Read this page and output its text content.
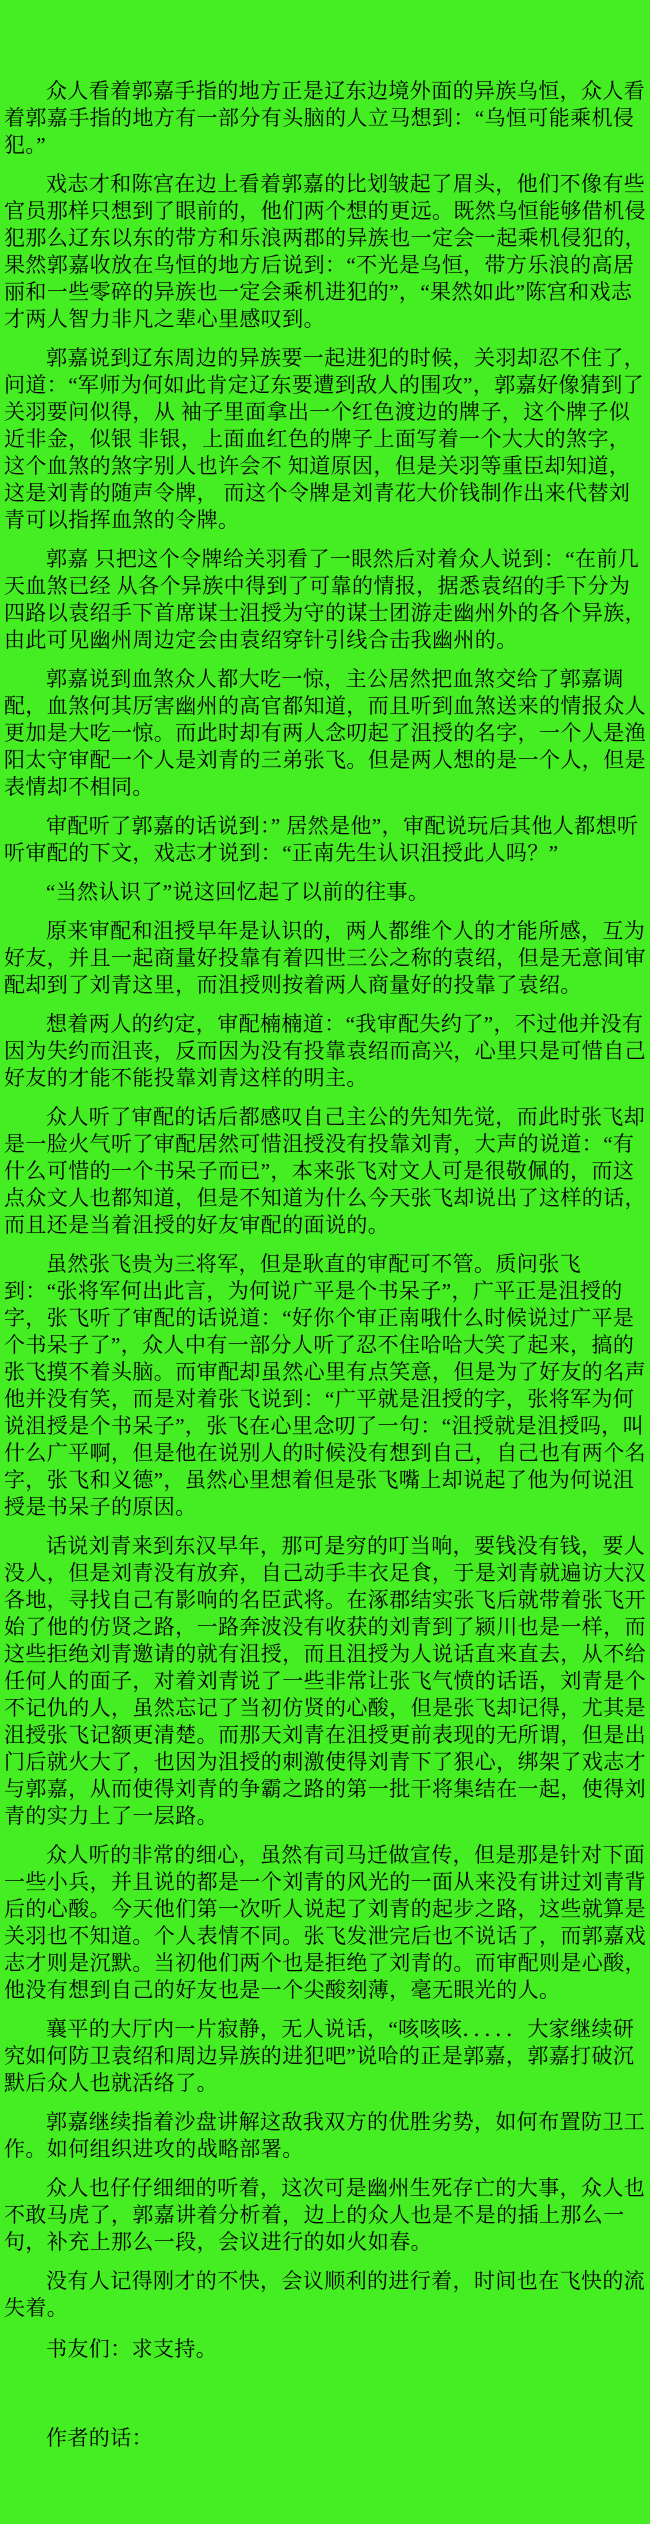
众人看着郭嘉手指的地方正是辽东边境外面的异族乌恒，众人看着郭嘉手指的地方有一部分有头脑的人立马想到：“乌恒可能乘机侵犯。”

戏志才和陈宫在边上看着郭嘉的比划皱起了眉头，他们不像有些官员那样只想到了眼前的，他们两个想的更远。既然乌恒能够借机侵犯那么辽东以东的带方和乐浪两郡的异族也一定会一起乘机侵犯的，果然郭嘉收放在乌恒的地方后说到：“不光是乌恒，带方乐浪的高居丽和一些零碎的异族也一定会乘机进犯的”，“果然如此”陈宫和戏志才两人智力非凡之辈心里感叹到。

郭嘉说到辽东周边的异族要一起进犯的时候，关羽却忍不住了，问道：“军师为何如此肯定辽东要遭到敌人的围攻”，郭嘉好像猜到了关羽要问似得，从 袖子里面拿出一个红色渡边的牌子，这个牌子似近非金，似银 非银，上面血红色的牌子上面写着一个大大的煞字，这个血煞的煞字别人也许会不 知道原因，但是关羽等重臣却知道，这是刘青的随声令牌， 而这个令牌是刘青花大价钱制作出来代替刘青可以指挥血煞的令牌。

郭嘉 只把这个令牌给关羽看了一眼然后对着众人说到：“在前几天血煞已经 从各个异族中得到了可靠的情报，据悉袁绍的手下分为四路以袁绍手下首席谋士沮授为守的谋士团游走幽州外的各个异族，由此可见幽州周边定会由袁绍穿针引线合击我幽州的。

郭嘉说到血煞众人都大吃一惊，主公居然把血煞交给了郭嘉调配，血煞何其厉害幽州的高官都知道，而且听到血煞送来的情报众人更加是大吃一惊。而此时却有两人念叨起了沮授的名字，一个人是渔阳太守审配一个人是刘青的三弟张飞。但是两人想的是一个人，但是表情却不相同。

审配听了郭嘉的话说到：” 居然是他”，审配说玩后其他人都想听听审配的下文，戏志才说到：“正南先生认识沮授此人吗？”

“当然认识了”说这回忆起了以前的往事。

原来审配和沮授早年是认识的，两人都维个人的才能所感，互为好友，并且一起商量好投靠有着四世三公之称的袁绍，但是无意间审配却到了刘青这里，而沮授则按着两人商量好的投靠了袁绍。

想着两人的约定，审配楠楠道：“我审配失约了”，不过他并没有因为失约而沮丧，反而因为没有投靠袁绍而高兴，心里只是可惜自己好友的才能不能投靠刘青这样的明主。

众人听了审配的话后都感叹自己主公的先知先觉，而此时张飞却是一脸火气听了审配居然可惜沮授没有投靠刘青，大声的说道：“有什么可惜的一个书呆子而已”，本来张飞对文人可是很敬佩的，而这点众文人也都知道，但是不知道为什么今天张飞却说出了这样的话，而且还是当着沮授的好友审配的面说的。

虽然张飞贵为三将军，但是耿直的审配可不管。质问张飞到：“张将军何出此言，为何说广平是个书呆子”，广平正是沮授的字，张飞听了审配的话说道：“好你个审正南哦什么时候说过广平是个书呆子了”，众人中有一部分人听了忍不住哈哈大笑了起来，搞的张飞摸不着头脑。而审配却虽然心里有点笑意，但是为了好友的名声他并没有笑，而是对着张飞说到：“广平就是沮授的字，张将军为何说沮授是个书呆子”，张飞在心里念叨了一句：“沮授就是沮授吗，叫什么广平啊，但是他在说别人的时候没有想到自己，自己也有两个名字，张飞和义德”，虽然心里想着但是张飞嘴上却说起了他为何说沮授是书呆子的原因。

话说刘青来到东汉早年，那可是穷的叮当响，要钱没有钱，要人没人，但是刘青没有放弃，自己动手丰衣足食，于是刘青就遍访大汉各地，寻找自己有影响的名臣武将。在涿郡结实张飞后就带着张飞开始了他的仿贤之路，一路奔波没有收获的刘青到了颍川也是一样，而这些拒绝刘青邀请的就有沮授，而且沮授为人说话直来直去，从不给任何人的面子，对着刘青说了一些非常让张飞气愤的话语，刘青是个不记仇的人，虽然忘记了当初仿贤的心酸，但是张飞却记得，尤其是沮授张飞记额更清楚。而那天刘青在沮授更前表现的无所谓，但是出门后就火大了，也因为沮授的刺激使得刘青下了狠心，绑架了戏志才与郭嘉，从而使得刘青的争霸之路的第一批干将集结在一起，使得刘青的实力上了一层路。

众人听的非常的细心，虽然有司马迁做宣传，但是那是针对下面一些小兵，并且说的都是一个刘青的风光的一面从来没有讲过刘青背后的心酸。今天他们第一次听人说起了刘青的起步之路，这些就算是关羽也不知道。个人表情不同。张飞发泄完后也不说话了，而郭嘉戏志才则是沉默。当初他们两个也是拒绝了刘青的。而审配则是心酸，他没有想到自己的好友也是一个尖酸刻薄，毫无眼光的人。

襄平的大厅内一片寂静，无人说话，“咳咳咳．．．．．大家继续研究如何防卫袁绍和周边异族的进犯吧”说哈的正是郭嘉，郭嘉打破沉默后众人也就活络了。

郭嘉继续指着沙盘讲解这敌我双方的优胜劣势，如何布置防卫工作。如何组织进攻的战略部署。

众人也仔仔细细的听着，这次可是幽州生死存亡的大事，众人也不敢马虎了，郭嘉讲着分析着，边上的众人也是不是的插上那么一句，补充上那么一段，会议进行的如火如春。

没有人记得刚才的不快，会议顺利的进行着，时间也在飞快的流失着。

书友们：求支持。

作者的话：
